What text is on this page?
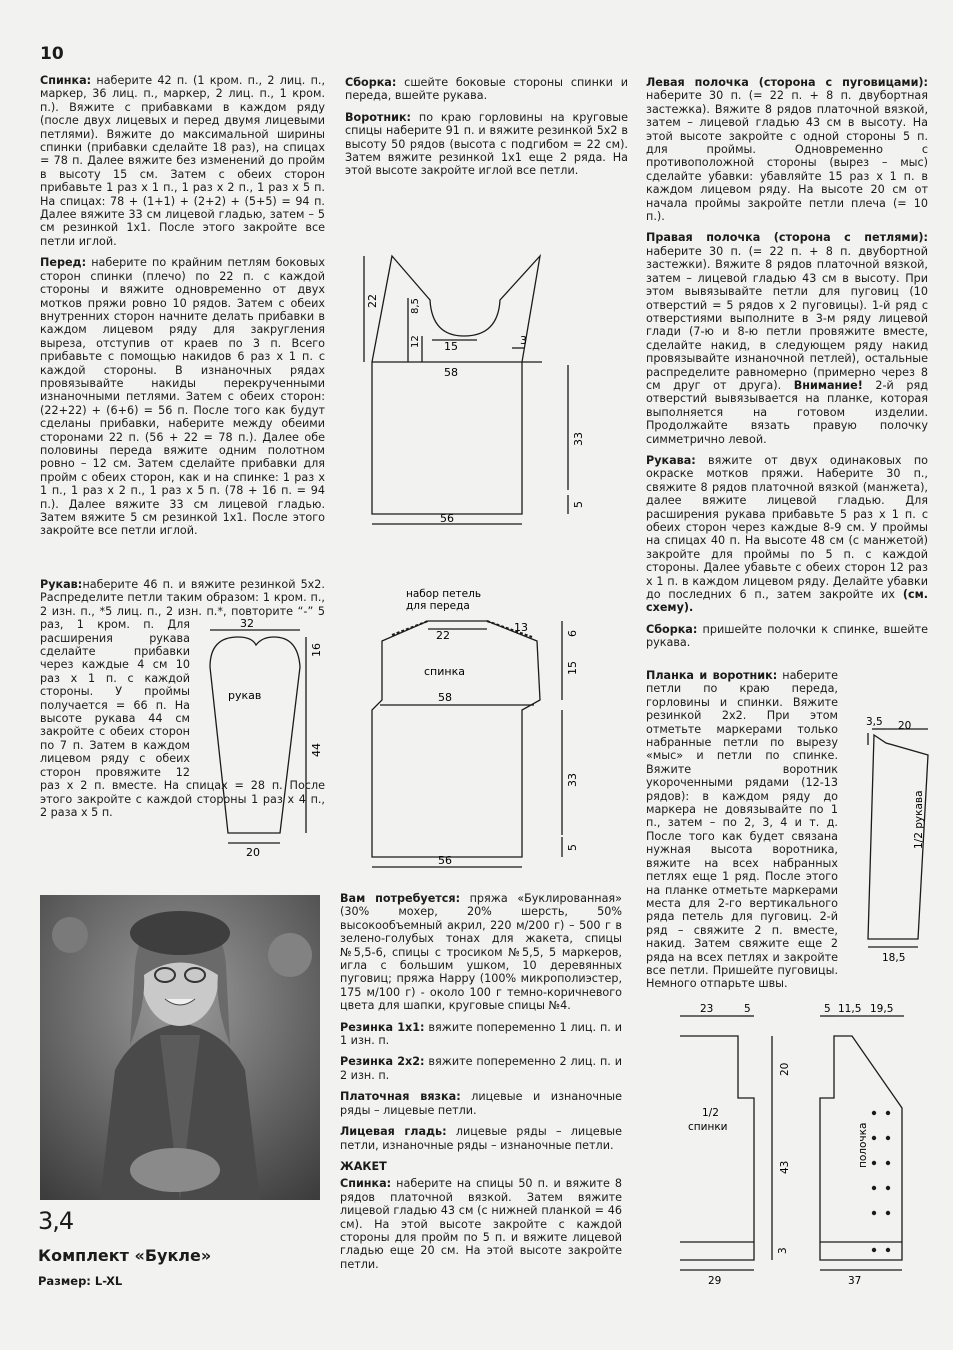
10

Спинка: наберите 42 п. (1 кром. п., 2 лиц. п., маркер, 36 лиц. п., маркер, 2 лиц. п., 1 кром. п.). Вяжите с прибавками в каждом ряду (после двух лицевых и перед двумя лицевыми петлями). Вяжите до максимальной ширины спинки (прибавки сделайте 18 раз), на спицах = 78 п. Далее вяжите без изменений до пройм в высоту 15 см. Затем с обеих сторон прибавьте 1 раз х 1 п., 1 раз х 2 п., 1 раз х 5 п. На спицах: 78 + (1+1) + (2+2) + (5+5) = 94 п. Далее вяжите 33 см лицевой гладью, затем – 5 см резинкой 1х1. После этого закройте все петли иглой.

Перед: наберите по крайним петлям боковых сторон спинки (плечо) по 22 п. с каждой стороны и вяжите одновременно от двух мотков пряжи ровно 10 рядов. Затем с обеих внутренних сторон начните делать прибавки в каждом лицевом ряду для закругления выреза, отступив от краев по 3 п. Всего прибавьте с помощью накидов 6 раз х 1 п. с каждой стороны. В изнаночных рядах провязывайте накиды перекрученными изнаночными петлями. Затем с обеих сторон: (22+22) + (6+6) = 56 п. После того как будут сделаны прибавки, наберите между обеими сторонами 22 п. (56 + 22 = 78 п.). Далее обе половины переда вяжите одним полотном ровно – 12 см. Затем сделайте прибавки для пройм с обеих сторон, как и на спинке: 1 раз х 1 п., 1 раз х 2 п., 1 раз х 5 п. (78 + 16 п. = 94 п.). Далее вяжите 33 см лицевой гладью. Затем вяжите 5 см резинкой 1х1. После этого закройте все петли иглой.

Рукав: наберите 46 п. и вяжите резинкой 5х2. Распределите петли таким образом: 1 кром. п., 2 изн. п., *5 лиц. п., 2 изн. п.*, повторите “-” 5 раз, 1 кром. п. Для расширения рукава сделайте прибавки через каждые 4 см 10 раз х 1 п. с каждой стороны. У проймы получается = 66 п. На высоте рукава 44 см закройте с обеих сторон по 7 п. Затем в каждом лицевом ряду с обеих сторон провяжите 12 раз х 2 п. вместе. На спицах = 28 п. После этого закройте с каждой стороны 1 раз х 4 п., 2 раза х 5 п.
32
16
рукав
44
20
3,4
Комплект «Букле»
Размер: L-XL

Сборка: сшейте боковые стороны спинки и переда, вшейте рукава.

Воротник: по краю горловины на круговые спицы наберите 91 п. и вяжите резинкой 5х2 в высоту 50 рядов (высота с подгибом = 22 см). Затем вяжите резинкой 1х1 еще 2 ряда. На этой высоте закройте иглой все петли.

22	8,5
12 15	3
58
33
5
56
набор петель
для переда
22
13	6
спинка	15
58
33
5
56

Вам потребуется: пряжа «Буклированная» (30% мохер, 20% шерсть, 50% высокообъемный акрил, 220 м/200 г) – 500 г в зелено-голубых тонах для жакета, спицы №5,5-6, спицы с тросиком №5,5, 5 маркеров, игла с большим ушком, 10 деревянных пуговиц; пряжа Happy (100% микрополиэстер, 175 м/100 г) - около 100 г темно-коричневого цвета для шапки, круговые спицы №4.

Резинка 1х1: вяжите попеременно 1 лиц. п. и 1 изн. п.

Резинка 2х2: вяжите попеременно 2 лиц. п. и 2 изн. п.

Платочная вязка: лицевые и изнаночные ряды – лицевые петли.

Лицевая гладь: лицевые ряды – лицевые петли, изнаночные ряды – изнаночные петли.

ЖАКЕТ

Спинка: наберите на спицы 50 п. и вяжите 8 рядов платочной вязкой. Затем вяжите лицевой гладью 43 см (с нижней планкой = 46 см). На этой высоте закройте с каждой стороны для пройм по 5 п. и вяжите лицевой гладью еще 20 см. На этой высоте закройте петли.

Левая полочка (сторона с пуговицами): наберите 30 п. (= 22 п. + 8 п. двубортная застежка). Вяжите 8 рядов платочной вязкой, затем – лицевой гладью 43 см в высоту. На этой высоте закройте с одной стороны 5 п. для проймы. Одновременно с противоположной стороны (вырез – мыс) сделайте убавки: убавляйте 15 раз х 1 п. в каждом лицевом ряду. На высоте 20 см от начала проймы закройте петли плеча (= 10 п.).

Правая полочка (сторона с петлями): наберите 30 п. (= 22 п. + 8 п. двубортной застежки). Вяжите 8 рядов платочной вязкой, затем – лицевой гладью 43 см в высоту. При этом вывязывайте петли для пуговиц (10 отверстий = 5 рядов х 2 пуговицы). 1-й ряд с отверстиями выполните в 3-м ряду лицевой глади (7-ю и 8-ю петли провяжите вместе, сделайте накид, в следующем ряду накид провязывайте изнаночной петлей), остальные распределите равномерно (примерно через 8 см друг от друга). Внимание! 2-й ряд отверстий вывязывается на планке, которая выполняется на готовом изделии. Продолжайте вязать правую полочку симметрично левой.

Рукава: вяжите от двух одинаковых по окраске мотков пряжи. Наберите 30 п., свяжите 8 рядов платочной вязкой (манжета), далее вяжите лицевой гладью. Для расширения рукава прибавьте 5 раз х 1 п. с обеих сторон через каждые 8-9 см. У проймы на спицах 40 п. На высоте 48 см (с манжетой) закройте для проймы по 5 п. с каждой стороны. Далее убавьте с обеих сторон 12 раз х 1 п. в каждом лицевом ряду. Делайте убавки до последних 6 п., затем закройте их (см. схему).

Сборка: пришейте полочки к спинке, вшейте рукава.

Планка и воротник: наберите петли по краю переда, горловины и спинки. Вяжите резинкой 2х2. При этом отметьте маркерами только набранные петли по вырезу «мыс» и петли по спинке. Вяжите воротник укороченными рядами (12-13 рядов): в каждом ряду до маркера не довязывайте по 1 п., затем – по 2, 3, 4 и т. д. После того как будет связана нужная высота воротника, вяжите на всех набранных петлях еще 1 ряд. После этого на планке отметьте маркерами места для 2-го вертикального ряда петель для пуговиц. 2-й ряд – свяжите 2 п. вместе, накид. Затем свяжите еще 2 ряда на всех петлях и закройте все петли. Пришейте пуговицы. Немного отпарьте швы.

3,5 20
1/2 рукава
18,5
23	5
20
1/2
спинки
43
3
29
5 11,5 19,5
полочка
37
